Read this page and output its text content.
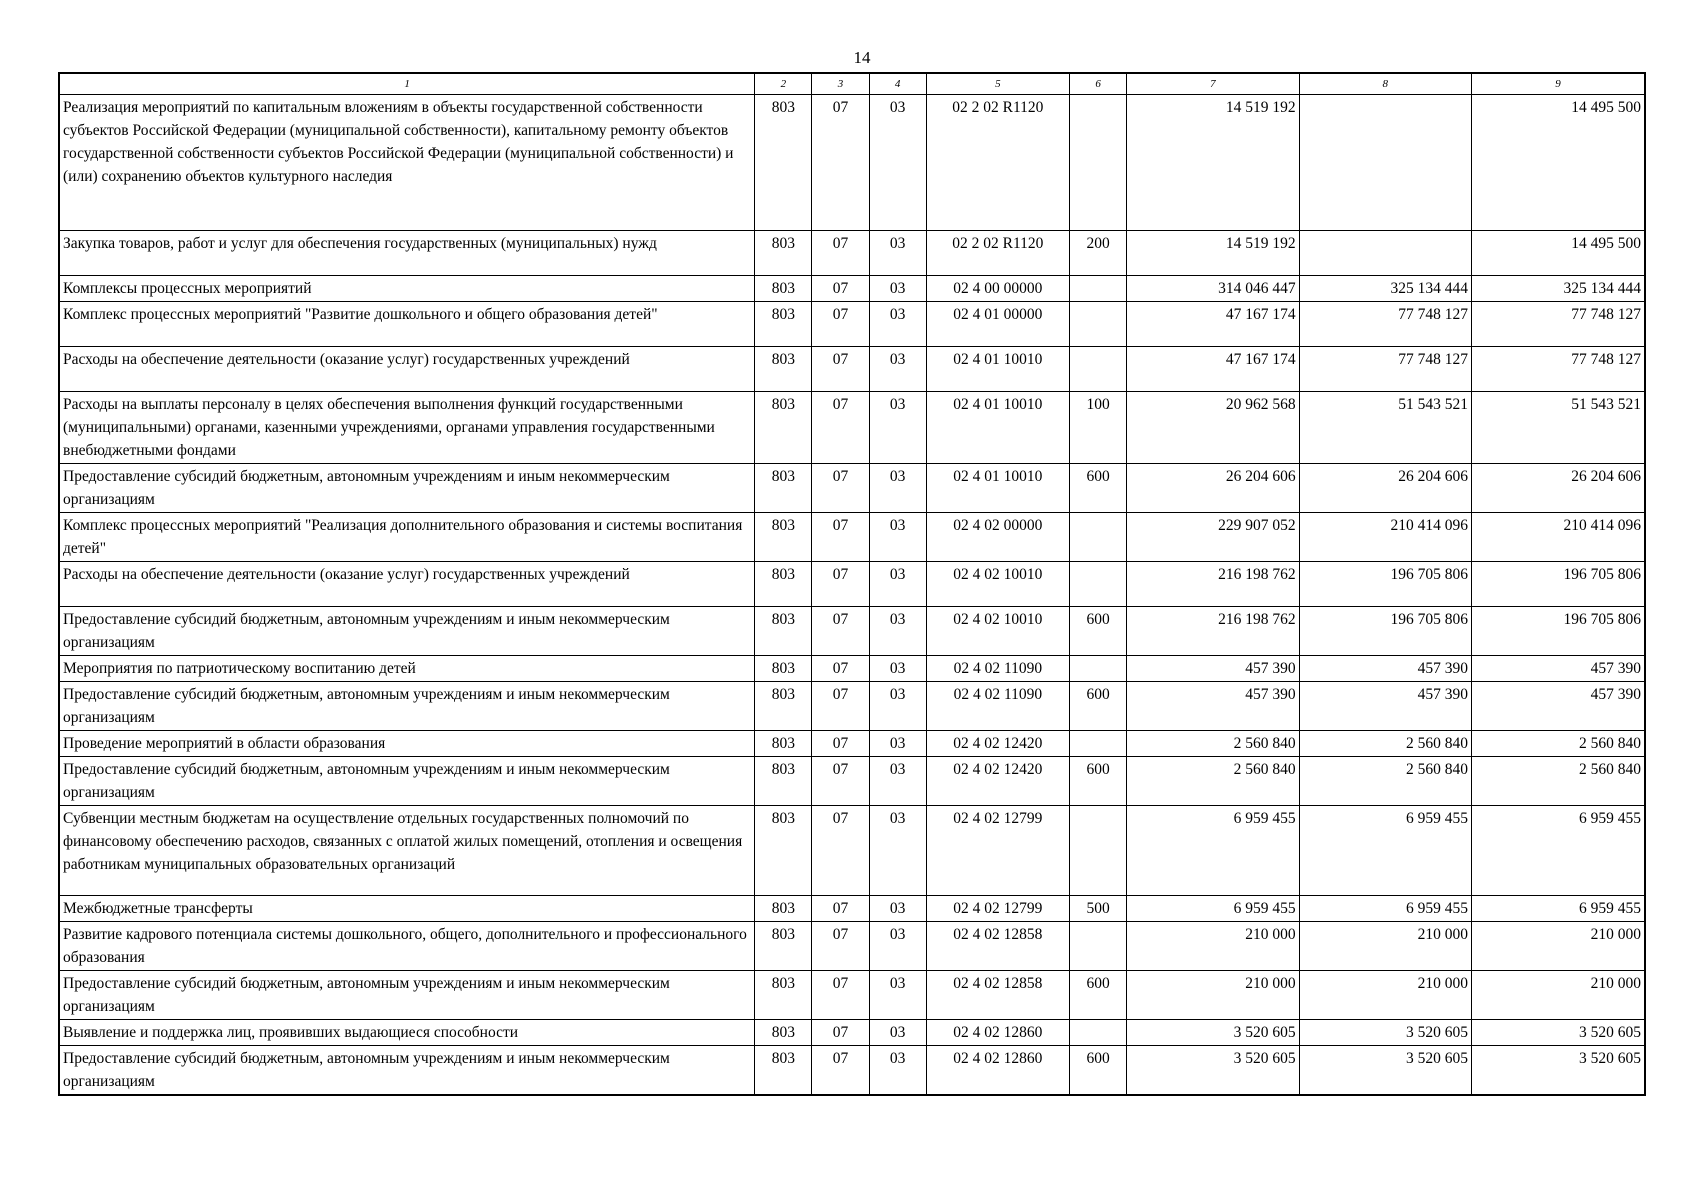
14
1	2	3	4	5	6	7	8	9
Реализация мероприятий по капитальным вложениям в объекты государственной собственности субъектов Российской Федерации (муниципальной собственности), капитальному ремонту объектов государственной собственности субъектов Российской Федерации (муниципальной собственности) и (или) сохранению объектов культурного наследия	803	07	03	02 2 02 R1120		14 519 192		14 495 500
Закупка товаров, работ и услуг для обеспечения государственных (муниципальных) нужд	803	07	03	02 2 02 R1120	200	14 519 192		14 495 500
Комплексы процессных мероприятий	803	07	03	02 4 00 00000		314 046 447	325 134 444	325 134 444
Комплекс процессных мероприятий "Развитие дошкольного и общего образования детей"	803	07	03	02 4 01 00000		47 167 174	77 748 127	77 748 127
Расходы на обеспечение деятельности (оказание услуг) государственных учреждений	803	07	03	02 4 01 10010		47 167 174	77 748 127	77 748 127
Расходы на выплаты персоналу в целях обеспечения выполнения функций государственными (муниципальными) органами, казенными учреждениями, органами управления государственными внебюджетными фондами	803	07	03	02 4 01 10010	100	20 962 568	51 543 521	51 543 521
Предоставление субсидий бюджетным, автономным учреждениям и иным некоммерческим организациям	803	07	03	02 4 01 10010	600	26 204 606	26 204 606	26 204 606
Комплекс процессных мероприятий "Реализация дополнительного образования и системы воспитания детей"	803	07	03	02 4 02 00000		229 907 052	210 414 096	210 414 096
Расходы на обеспечение деятельности (оказание услуг) государственных учреждений	803	07	03	02 4 02 10010		216 198 762	196 705 806	196 705 806
Предоставление субсидий бюджетным, автономным учреждениям и иным некоммерческим организациям	803	07	03	02 4 02 10010	600	216 198 762	196 705 806	196 705 806
Мероприятия по патриотическому воспитанию детей	803	07	03	02 4 02 11090		457 390	457 390	457 390
Предоставление субсидий бюджетным, автономным учреждениям и иным некоммерческим организациям	803	07	03	02 4 02 11090	600	457 390	457 390	457 390
Проведение мероприятий в области образования	803	07	03	02 4 02 12420		2 560 840	2 560 840	2 560 840
Предоставление субсидий бюджетным, автономным учреждениям и иным некоммерческим организациям	803	07	03	02 4 02 12420	600	2 560 840	2 560 840	2 560 840
Субвенции местным бюджетам на осуществление отдельных государственных полномочий по финансовому обеспечению расходов, связанных с оплатой жилых помещений, отопления и освещения работникам муниципальных образовательных организаций	803	07	03	02 4 02 12799		6 959 455	6 959 455	6 959 455
Межбюджетные трансферты	803	07	03	02 4 02 12799	500	6 959 455	6 959 455	6 959 455
Развитие кадрового потенциала системы дошкольного, общего, дополнительного и профессионального образования	803	07	03	02 4 02 12858		210 000	210 000	210 000
Предоставление субсидий бюджетным, автономным учреждениям и иным некоммерческим организациям	803	07	03	02 4 02 12858	600	210 000	210 000	210 000
Выявление и поддержка лиц, проявивших выдающиеся способности	803	07	03	02 4 02 12860		3 520 605	3 520 605	3 520 605
Предоставление субсидий бюджетным, автономным учреждениям и иным некоммерческим организациям	803	07	03	02 4 02 12860	600	3 520 605	3 520 605	3 520 605
